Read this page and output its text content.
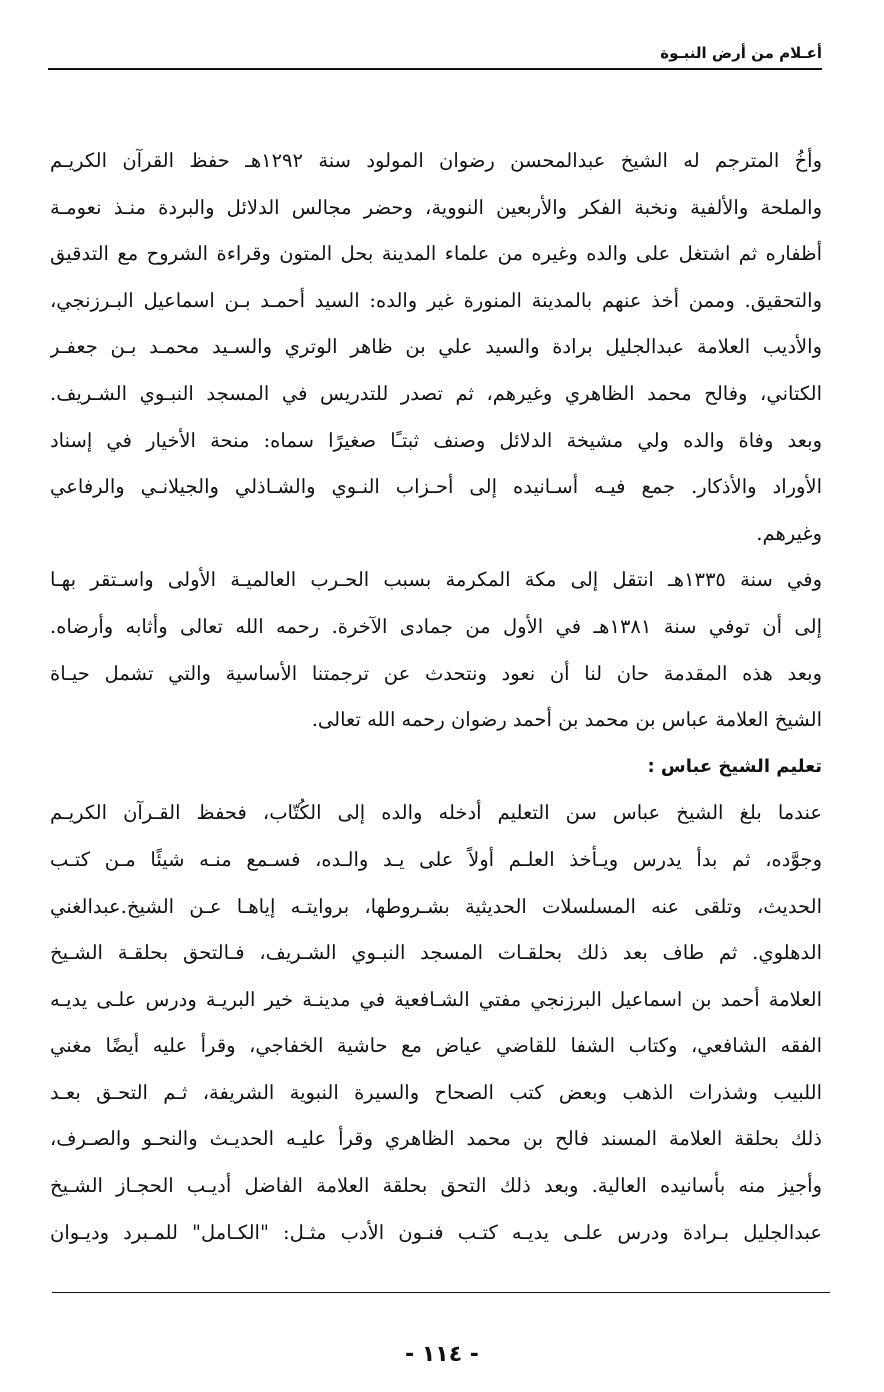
أعـلام من أرض النبـوة
وأخُ المترجم له الشيخ عبدالمحسن رضوان المولود سنة ١٢٩٢هـ حفظ القرآن الكريـم
والملحة والألفية ونخبة الفكر والأربعين النووية، وحضر مجالس الدلائل والبردة منـذ نعومـة
أظفاره ثم اشتغل على والده وغيره من علماء المدينة بحل المتون وقراءة الشروح مع التدقيق
والتحقيق. وممن أخذ عنهم بالمدينة المنورة غير والده: السيد أحمـد بـن اسماعيل البـرزنجي،
والأديب العلامة عبدالجليل برادة والسيد علي بن ظاهر الوتري والسـيد محمـد بـن جعفـر
الكتاني، وفالح محمد الظاهري وغيرهم، ثم تصدر للتدريس في المسجد النبـوي الشـريف.
وبعد وفاة والده ولي مشيخة الدلائل وصنف ثبتـًا صغيرًا سماه: منحة الأخيار في إسناد
الأوراد والأذكار. جمع فيـه أسـانيده إلى أحـزاب النـوي والشـاذلي والجيلانـي والرفاعي
وغيرهم.
وفي سنة ١٣٣٥هـ انتقل إلى مكة المكرمة بسبب الحـرب العالميـة الأولى واسـتقر بهـا
إلى أن توفي سنة ١٣٨١هـ في الأول من جمادى الآخرة. رحمه الله تعالى وأثابه وأرضاه.
وبعد هذه المقدمة حان لنا أن نعود ونتحدث عن ترجمتنا الأساسية والتي تشمل حيـاة
الشيخ العلامة عباس بن محمد بن أحمد رضوان رحمه الله تعالى.
تعليم الشيخ عباس :
عندما بلغ الشيخ عباس سن التعليم أدخله والده إلى الكُتّاب، فحفظ القـرآن الكريـم
وجوَّده، ثم بدأ يدرس ويـأخذ العلـم أولاً على يـد والـده، فسـمع منـه شيئًا مـن كتـب
الحديث، وتلقى عنه المسلسلات الحديثية بشـروطها، بروايتـه إياهـا عـن الشيخ.عبدالغني
الدهلوي. ثم طاف بعد ذلك بحلقـات المسجد النبـوي الشـريف، فـالتحق بحلقـة الشـيخ
العلامة أحمد بن اسماعيل البرزنجي مفتي الشـافعية في مدينـة خير البريـة ودرس علـى يديـه
الفقه الشافعي، وكتاب الشفا للقاضي عياض مع حاشية الخفاجي، وقرأ عليه أيضًا مغني
اللبيب وشذرات الذهب وبعض كتب الصحاح والسيرة النبوية الشريفة، ثـم التحـق بعـد
ذلك بحلقة العلامة المسند فالح بن محمد الظاهري وقرأ عليـه الحديـث والنحـو والصـرف،
وأجيز منه بأسانيده العالية. وبعد ذلك التحق بحلقة العلامة الفاضل أديـب الحجـاز الشـيخ
عبدالجليل بـرادة ودرس علـى يديـه كتـب فنـون الأدب مثـل: "الكـامل" للمـبرد وديـوان
- ١١٤ -
